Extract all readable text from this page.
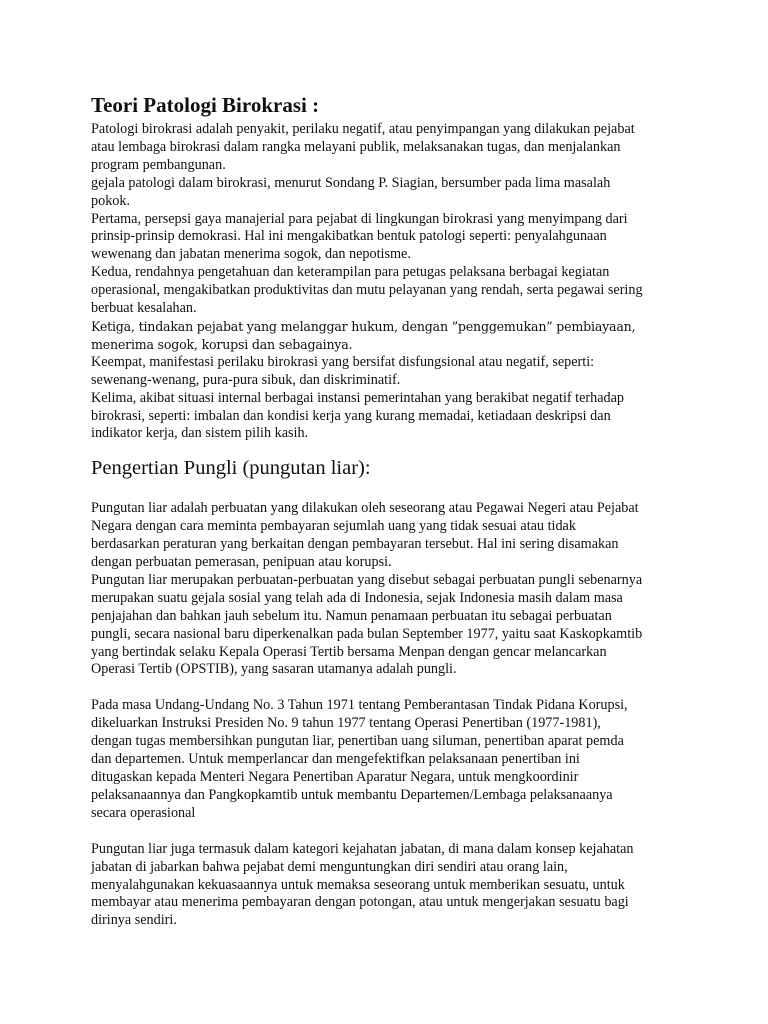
Teori Patologi Birokrasi :

Patologi birokrasi adalah penyakit, perilaku negatif, atau penyimpangan yang dilakukan pejabat
atau lembaga birokrasi dalam rangka melayani publik, melaksanakan tugas, dan menjalankan
program pembangunan.

gejala patologi dalam birokrasi, menurut Sondang P. Siagian, bersumber pada lima masalah
pokok.

Pertama, persepsi gaya manajerial para pejabat di lingkungan birokrasi yang menyimpang dari
prinsip-prinsip demokrasi. Hal ini mengakibatkan bentuk patologi seperti: penyalahgunaan
wewenang dan jabatan menerima sogok, dan nepotisme.

Kedua, rendahnya pengetahuan dan keterampilan para petugas pelaksana berbagai kegiatan
operasional, mengakibatkan produktivitas dan mutu pelayanan yang rendah, serta pegawai sering
berbuat kesalahan.

Ketiga, tindakan pejabat yang melanggar hukum, dengan ”penggemukan” pembiayaan,
menerima sogok, korupsi dan sebagainya.

Keempat, manifestasi perilaku birokrasi yang bersifat disfungsional atau negatif, seperti:
sewenang-wenang, pura-pura sibuk, dan diskriminatif.

Kelima, akibat situasi internal berbagai instansi pemerintahan yang berakibat negatif terhadap
birokrasi, seperti: imbalan dan kondisi kerja yang kurang memadai, ketiadaan deskripsi dan
indikator kerja, dan sistem pilih kasih.

Pengertian Pungli (pungutan liar):

Pungutan liar adalah perbuatan yang dilakukan oleh seseorang atau Pegawai Negeri atau Pejabat
Negara dengan cara meminta pembayaran sejumlah uang yang tidak sesuai atau tidak
berdasarkan peraturan yang berkaitan dengan pembayaran tersebut. Hal ini sering disamakan
dengan perbuatan pemerasan, penipuan atau korupsi.

Pungutan liar merupakan perbuatan-perbuatan yang disebut sebagai perbuatan pungli sebenarnya
merupakan suatu gejala sosial yang telah ada di Indonesia, sejak Indonesia masih dalam masa
penjajahan dan bahkan jauh sebelum itu. Namun penamaan perbuatan itu sebagai perbuatan
pungli, secara nasional baru diperkenalkan pada bulan September 1977, yaitu saat Kaskopkamtib
yang bertindak selaku Kepala Operasi Tertib bersama Menpan dengan gencar melancarkan
Operasi Tertib (OPSTIB), yang sasaran utamanya adalah pungli.

Pada masa Undang-Undang No. 3 Tahun 1971 tentang Pemberantasan Tindak Pidana Korupsi,
dikeluarkan Instruksi Presiden No. 9 tahun 1977 tentang Operasi Penertiban (1977-1981),
dengan tugas membersihkan pungutan liar, penertiban uang siluman, penertiban aparat pemda
dan departemen. Untuk memperlancar dan mengefektifkan pelaksanaan penertiban ini
ditugaskan kepada Menteri Negara Penertiban Aparatur Negara, untuk mengkoordinir
pelaksanaannya dan Pangkopkamtib untuk membantu Departemen/Lembaga pelaksanaanya
secara operasional

Pungutan liar juga termasuk dalam kategori kejahatan jabatan, di mana dalam konsep kejahatan
jabatan di jabarkan bahwa pejabat demi menguntungkan diri sendiri atau orang lain,
menyalahgunakan kekuasaannya untuk memaksa seseorang untuk memberikan sesuatu, untuk
membayar atau menerima pembayaran dengan potongan, atau untuk mengerjakan sesuatu bagi
dirinya sendiri.
